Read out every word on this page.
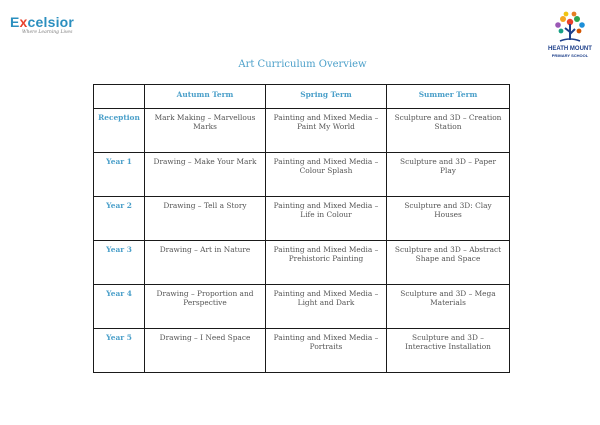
Excelsior
Where Learning Lives
HEATH MOUNT
PRIMARY SCHOOL
Art Curriculum Overview
	Autumn Term	Spring Term	Summer Term
Reception	Mark Making – Marvellous Marks	Painting and Mixed Media – Paint My World	Sculpture and 3D – Creation Station
Year 1	Drawing – Make Your Mark	Painting and Mixed Media – Colour Splash	Sculpture and 3D – Paper Play
Year 2	Drawing – Tell a Story	Painting and Mixed Media – Life in Colour	Sculpture and 3D: Clay Houses
Year 3	Drawing – Art in Nature	Painting and Mixed Media – Prehistoric Painting	Sculpture and 3D – Abstract Shape and Space
Year 4	Drawing – Proportion and Perspective	Painting and Mixed Media – Light and Dark	Sculpture and 3D – Mega Materials
Year 5	Drawing – I Need Space	Painting and Mixed Media – Portraits	Sculpture and 3D – Interactive Installation
